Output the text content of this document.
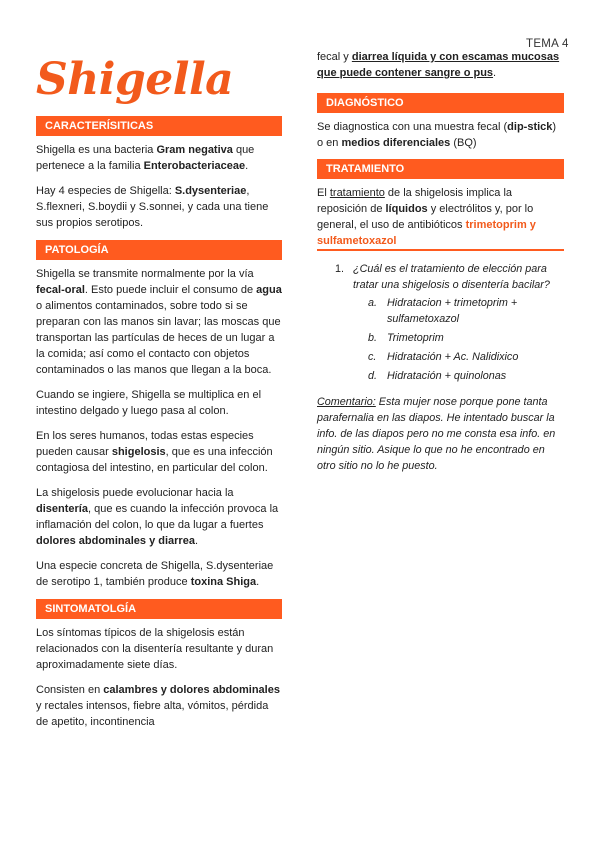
TEMA 4
Shigella
CARACTERÍSITICAS

Shigella es una bacteria Gram negativa que pertenece a la familia Enterobacteriaceae.

Hay 4 especies de Shigella: S.dysenteriae, S.flexneri, S.boydii y S.sonnei, y cada una tiene sus propios serotipos.

PATOLOGÍA

Shigella se transmite normalmente por la vía fecal-oral. Esto puede incluir el consumo de agua o alimentos contaminados, sobre todo si se preparan con las manos sin lavar; las moscas que transportan las partículas de heces de un lugar a la comida; así como el contacto con objetos contaminados o las manos que llegan a la boca.

Cuando se ingiere, Shigella se multiplica en el intestino delgado y luego pasa al colon.

En los seres humanos, todas estas especies pueden causar shigelosis, que es una infección contagiosa del intestino, en particular del colon.

La shigelosis puede evolucionar hacia la disentería, que es cuando la infección provoca la inflamación del colon, lo que da lugar a fuertes dolores abdominales y diarrea.

Una especie concreta de Shigella, S.dysenteriae de serotipo 1, también produce toxina Shiga.

SINTOMATOLGÍA

Los síntomas típicos de la shigelosis están relacionados con la disentería resultante y duran aproximadamente siete días.

Consisten en calambres y dolores abdominales y rectales intensos, fiebre alta, vómitos, pérdida de apetito, incontinencia

fecal y diarrea líquida y con escamas mucosas que puede contener sangre o pus.

DIAGNÓSTICO

Se diagnostica con una muestra fecal (dip-stick) o en medios diferenciales (BQ)

TRATAMIENTO

El tratamiento de la shigelosis implica la reposición de líquidos y electrólitos y, por lo general, el uso de antibióticos trimetoprim y sulfametoxazol

1. ¿Cuál es el tratamiento de elección para tratar una shigelosis o disentería bacilar?
a. Hidratacion + trimetoprim + sulfametoxazol
b. Trimetoprim
c. Hidratación + Ac. Nalidixico
d. Hidratación + quinolonas

Comentario: Esta mujer nose porque pone tanta parafernalia en las diapos. He intentado buscar la info. de las diapos pero no me consta esa info. en ningún sitio. Asique lo que no he encontrado en otro sitio no lo he puesto.
